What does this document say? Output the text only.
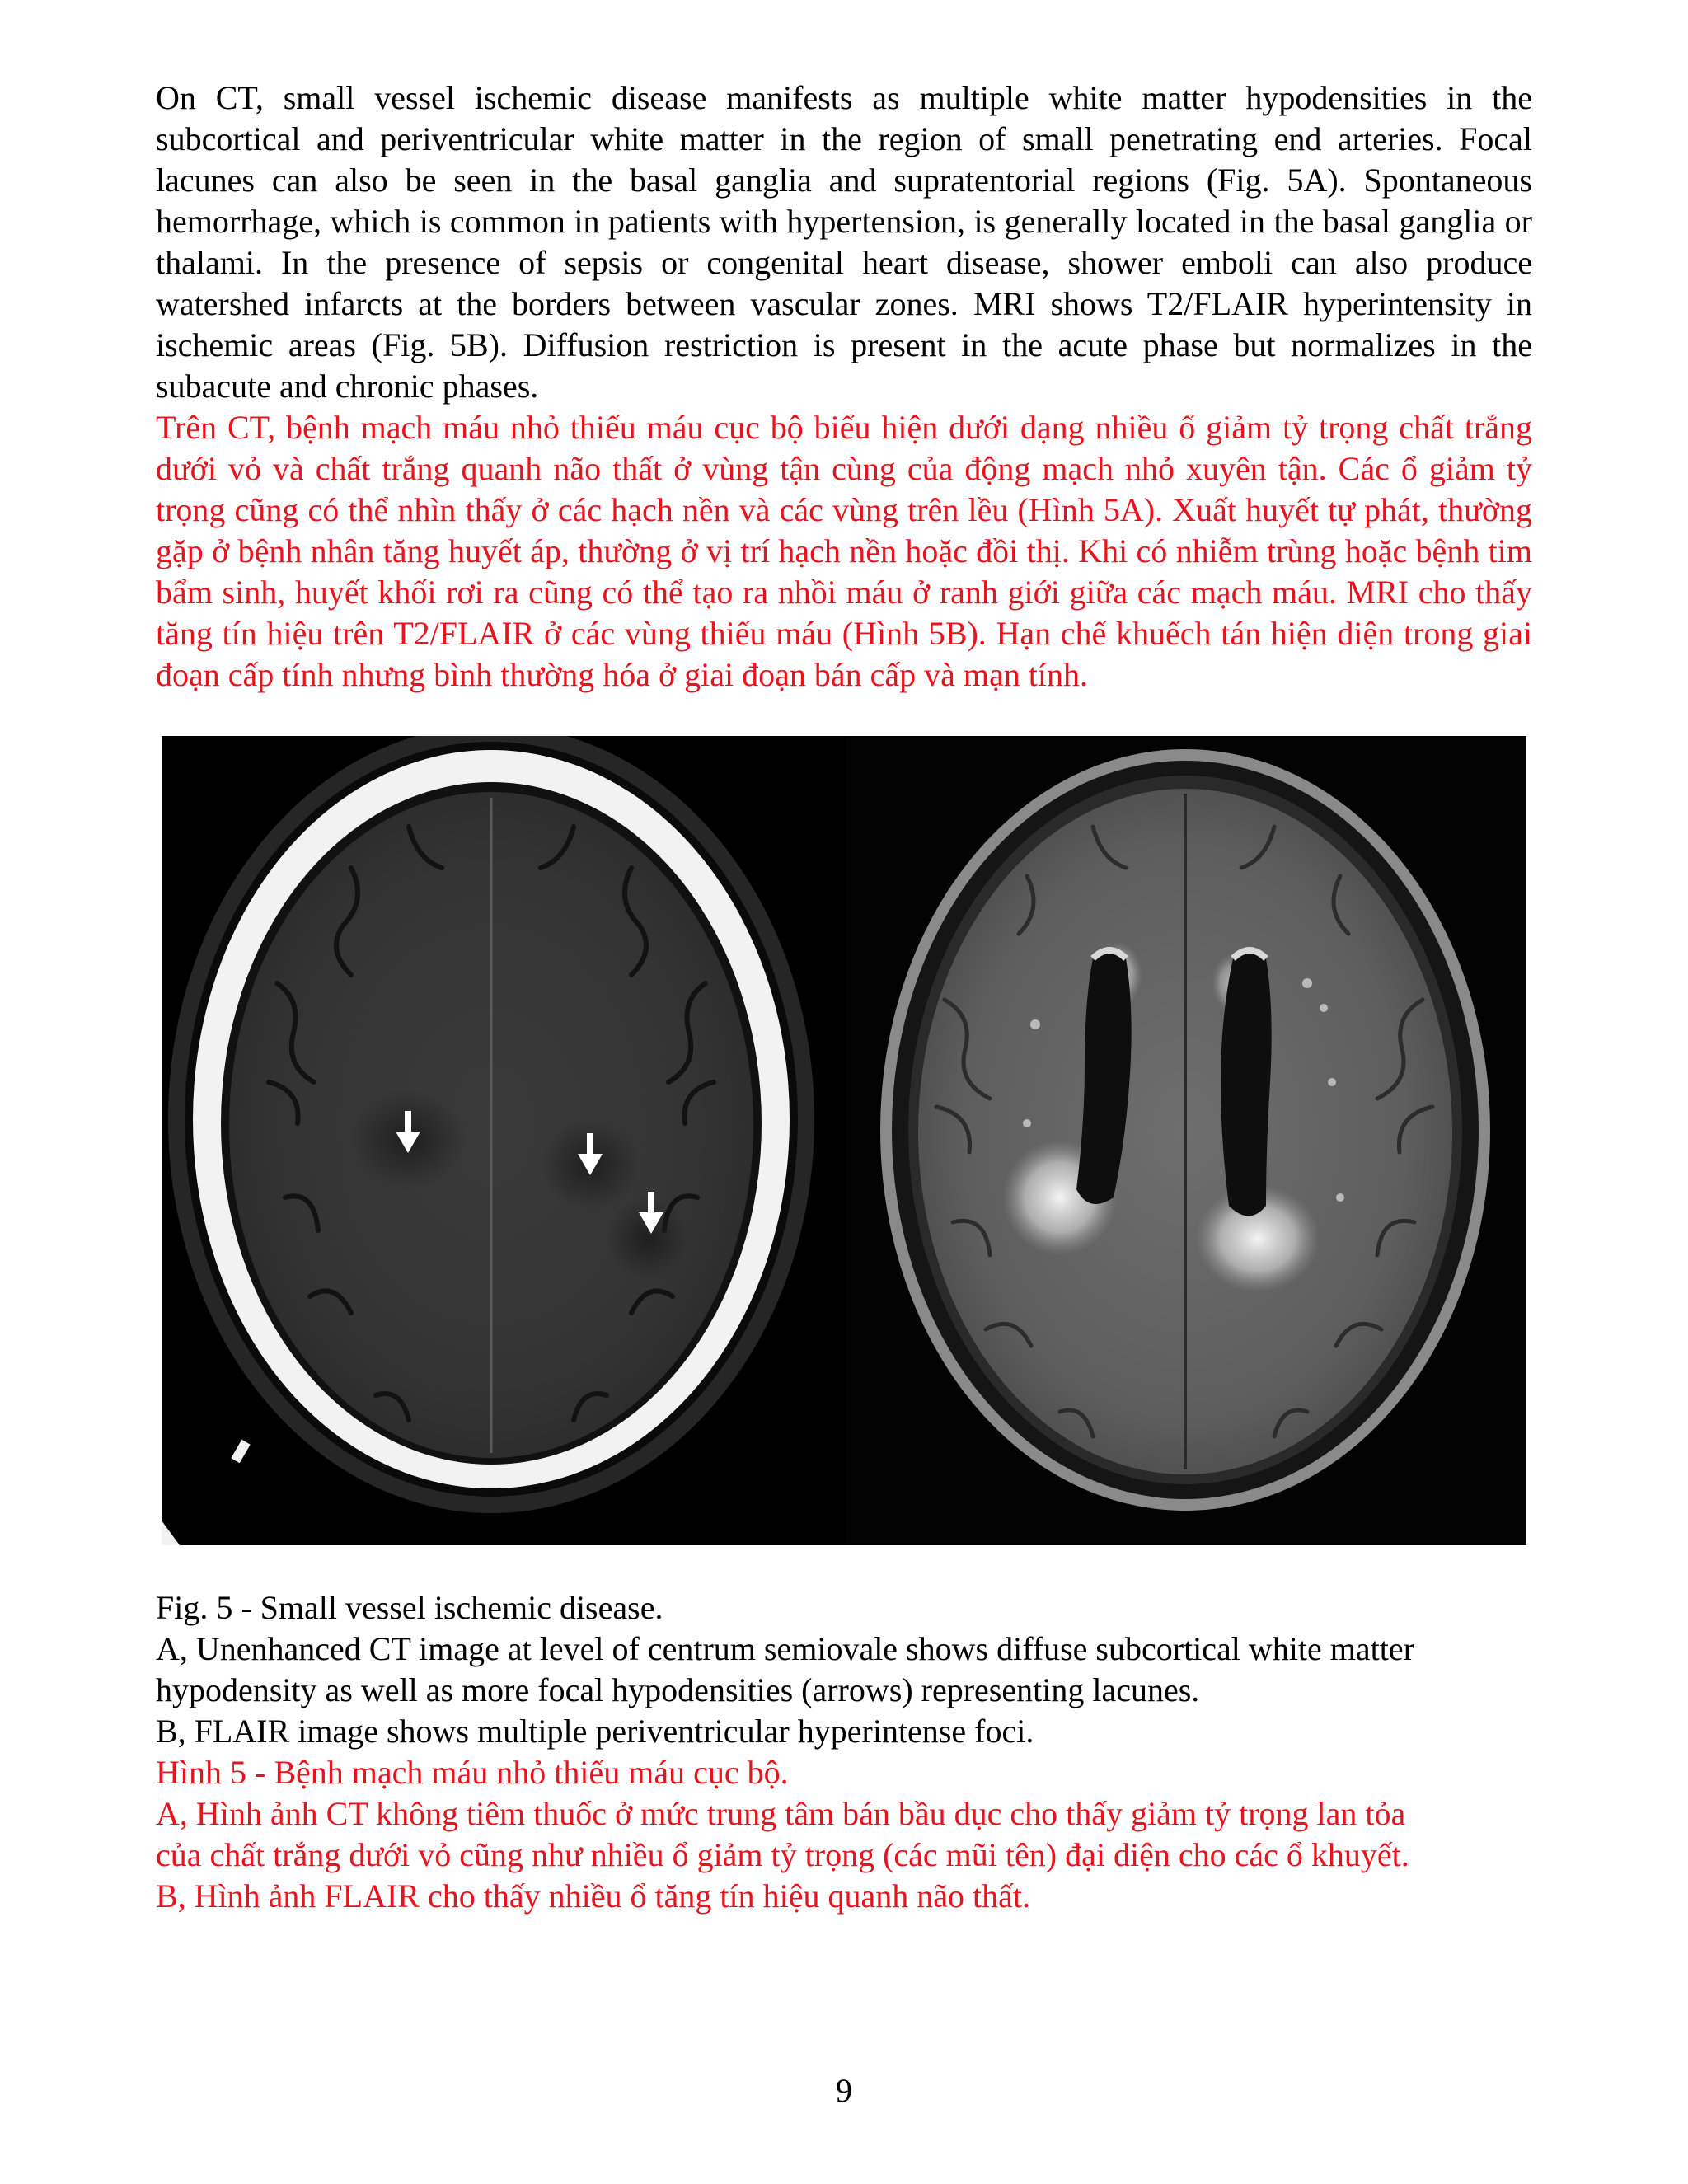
On CT, small vessel ischemic disease manifests as multiple white matter hypodensities in the subcortical and periventricular white matter in the region of small penetrating end arteries. Focal lacunes can also be seen in the basal ganglia and supratentorial regions (Fig. 5A). Spontaneous hemorrhage, which is common in patients with hypertension, is generally located in the basal ganglia or thalami. In the presence of sepsis or congenital heart disease, shower emboli can also produce watershed infarcts at the borders between vascular zones. MRI shows T2/FLAIR hyperintensity in ischemic areas (Fig. 5B). Diffusion restriction is present in the acute phase but normalizes in the subacute and chronic phases.

Trên CT, bệnh mạch máu nhỏ thiếu máu cục bộ biểu hiện dưới dạng nhiều ổ giảm tỷ trọng chất trắng dưới vỏ và chất trắng quanh não thất ở vùng tận cùng của động mạch nhỏ xuyên tận. Các ổ giảm tỷ trọng cũng có thể nhìn thấy ở các hạch nền và các vùng trên lều (Hình 5A). Xuất huyết tự phát, thường gặp ở bệnh nhân tăng huyết áp, thường ở vị trí hạch nền hoặc đồi thị. Khi có nhiễm trùng hoặc bệnh tim bẩm sinh, huyết khối rơi ra cũng có thể tạo ra nhồi máu ở ranh giới giữa các mạch máu. MRI cho thấy tăng tín hiệu trên T2/FLAIR ở các vùng thiếu máu (Hình 5B). Hạn chế khuếch tán hiện diện trong giai đoạn cấp tính nhưng bình thường hóa ở giai đoạn bán cấp và mạn tính.

Fig. 5 - Small vessel ischemic disease.
A, Unenhanced CT image at level of centrum semiovale shows diffuse subcortical white matter
hypodensity as well as more focal hypodensities (arrows) representing lacunes.
B, FLAIR image shows multiple periventricular hyperintense foci.
Hình 5 - Bệnh mạch máu nhỏ thiếu máu cục bộ.
A, Hình ảnh CT không tiêm thuốc ở mức trung tâm bán bầu dục cho thấy giảm tỷ trọng lan tỏa
của chất trắng dưới vỏ cũng như nhiều ổ giảm tỷ trọng (các mũi tên) đại diện cho các ổ khuyết.
B, Hình ảnh FLAIR cho thấy nhiều ổ tăng tín hiệu quanh não thất.
9
